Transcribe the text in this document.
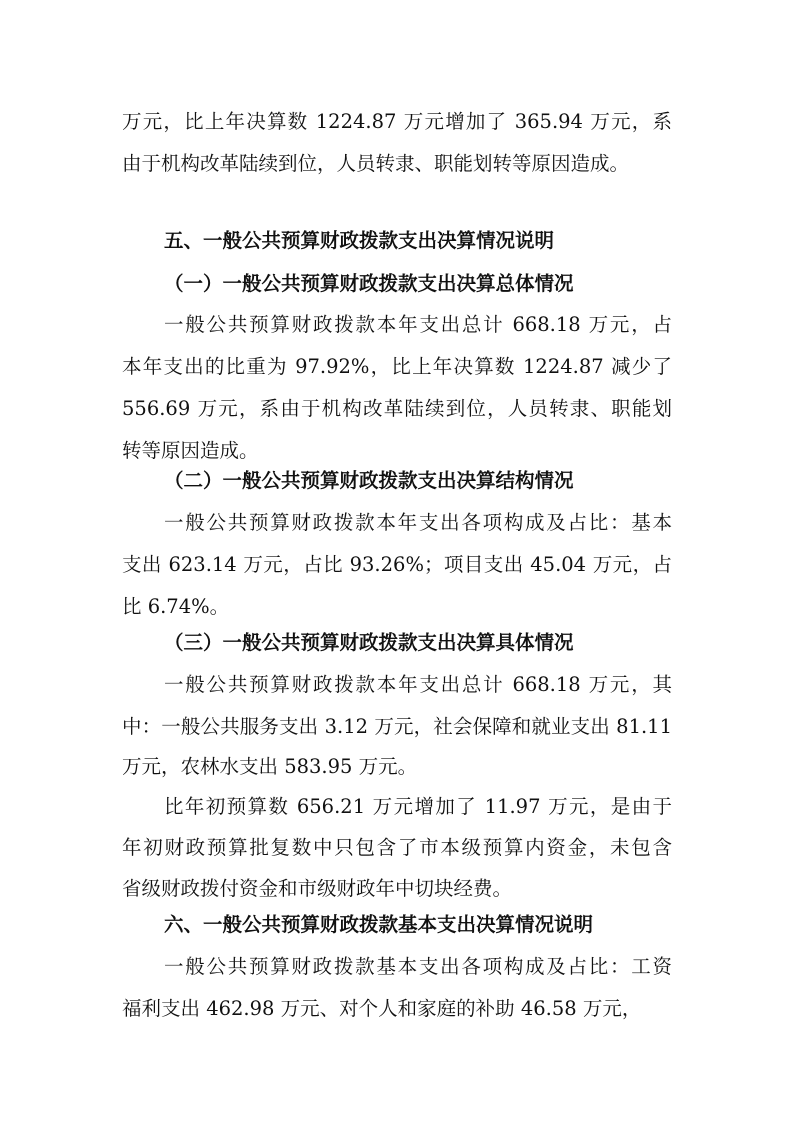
万元，比上年决算数 1224.87 万元增加了 365.94 万元，系
由于机构改革陆续到位，人员转隶、职能划转等原因造成。
五、一般公共预算财政拨款支出决算情况说明
（一）一般公共预算财政拨款支出决算总体情况
一般公共预算财政拨款本年支出总计 668.18 万元，占
本年支出的比重为 97.92%，比上年决算数 1224.87 减少了
556.69 万元，系由于机构改革陆续到位，人员转隶、职能划
转等原因造成。
（二）一般公共预算财政拨款支出决算结构情况
一般公共预算财政拨款本年支出各项构成及占比：基本
支出 623.14 万元，占比 93.26%；项目支出 45.04 万元，占
比 6.74%。
（三）一般公共预算财政拨款支出决算具体情况
一般公共预算财政拨款本年支出总计 668.18 万元，其
中：一般公共服务支出 3.12 万元，社会保障和就业支出 81.11
万元，农林水支出 583.95 万元。
比年初预算数 656.21 万元增加了 11.97 万元，是由于
年初财政预算批复数中只包含了市本级预算内资金，未包含
省级财政拨付资金和市级财政年中切块经费。
六、一般公共预算财政拨款基本支出决算情况说明
一般公共预算财政拨款基本支出各项构成及占比：工资
福利支出 462.98 万元、对个人和家庭的补助 46.58 万元，
